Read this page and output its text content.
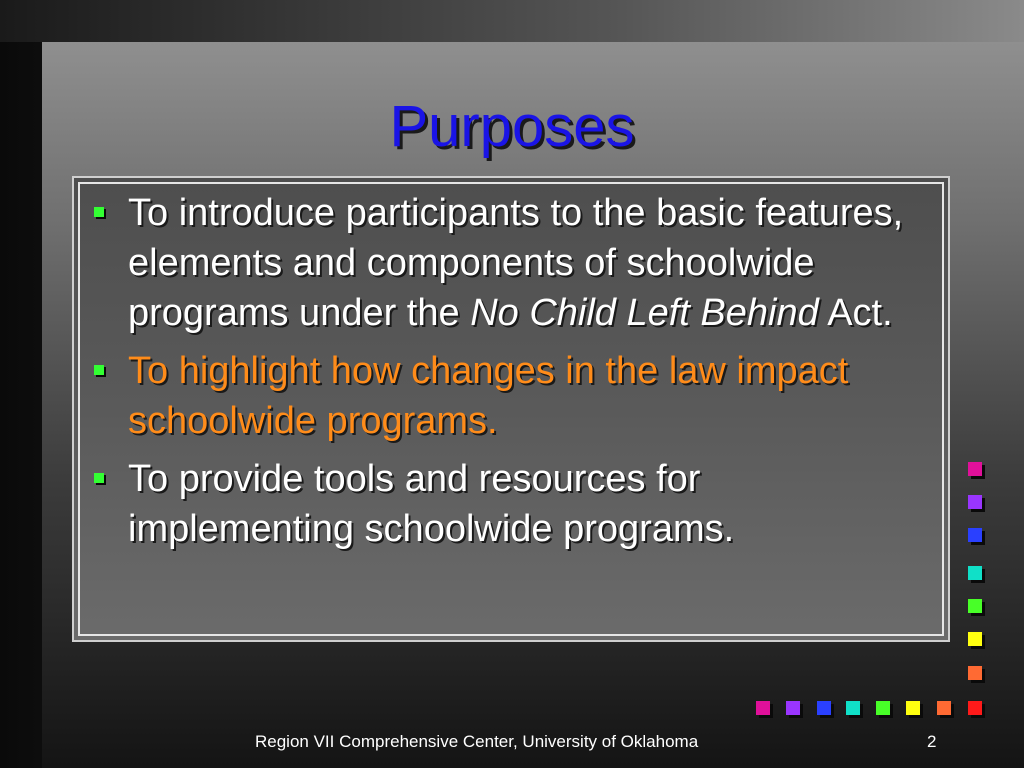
Purposes
To introduce participants to the basic features, elements and components of schoolwide programs under the No Child Left Behind Act.
To highlight how changes in the law impact schoolwide programs.
To provide tools and resources for implementing schoolwide programs.
Region VII Comprehensive Center, University of Oklahoma	2
